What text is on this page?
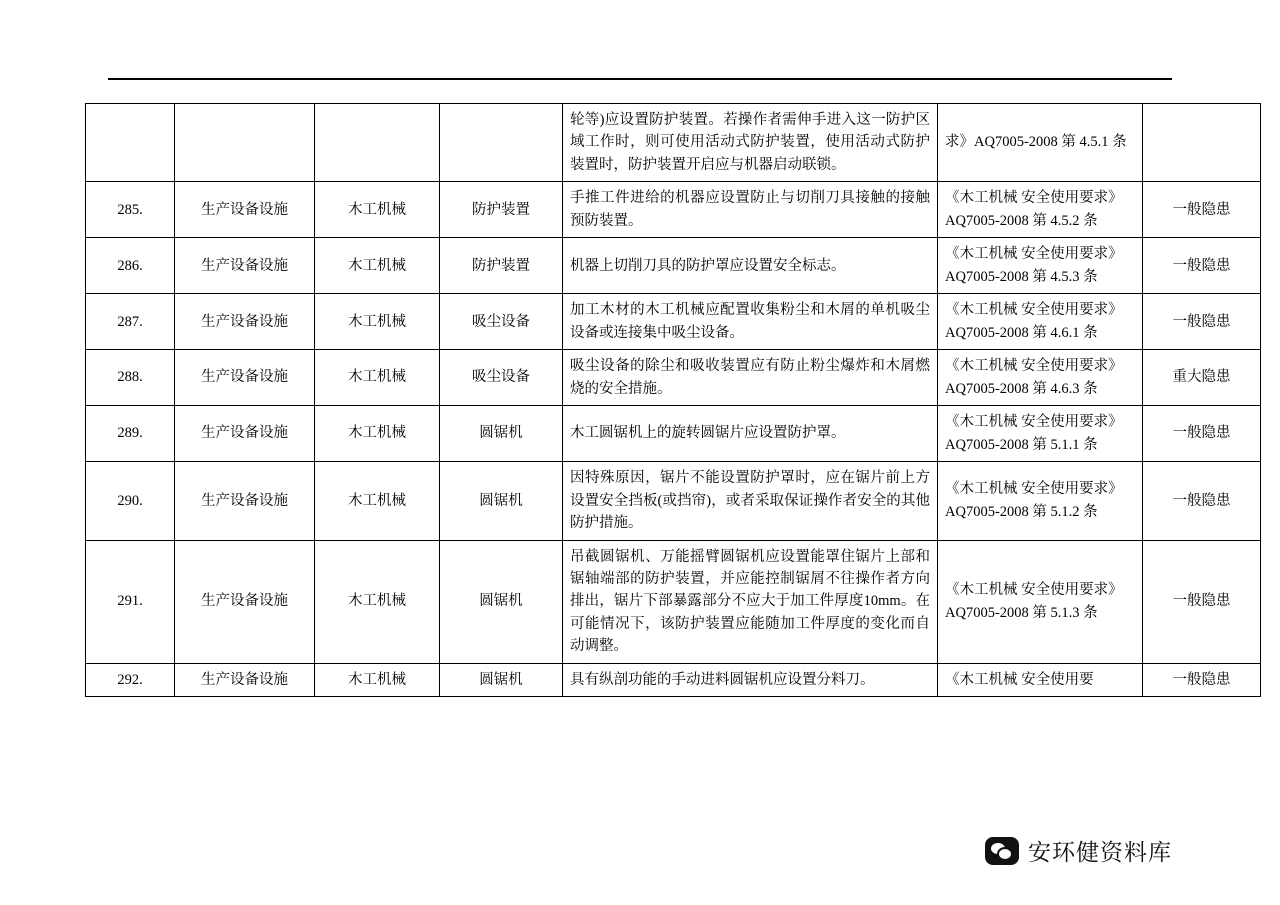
				轮等)应设置防护装置。若操作者需伸手进入这一防护区域工作时，则可使用活动式防护装置，使用活动式防护装置时，防护装置开启应与机器启动联锁。	求》AQ7005-2008 第 4.5.1 条	
285.	生产设备设施	木工机械	防护装置	手推工件进给的机器应设置防止与切削刀具接触的接触预防装置。	《木工机械 安全使用要求》AQ7005-2008 第 4.5.2 条	一般隐患
286.	生产设备设施	木工机械	防护装置	机器上切削刀具的防护罩应设置安全标志。	《木工机械 安全使用要求》AQ7005-2008 第 4.5.3 条	一般隐患
287.	生产设备设施	木工机械	吸尘设备	加工木材的木工机械应配置收集粉尘和木屑的单机吸尘设备或连接集中吸尘设备。	《木工机械 安全使用要求》AQ7005-2008 第 4.6.1 条	一般隐患
288.	生产设备设施	木工机械	吸尘设备	吸尘设备的除尘和吸收装置应有防止粉尘爆炸和木屑燃烧的安全措施。	《木工机械 安全使用要求》AQ7005-2008 第 4.6.3 条	重大隐患
289.	生产设备设施	木工机械	圆锯机	木工圆锯机上的旋转圆锯片应设置防护罩。	《木工机械 安全使用要求》AQ7005-2008 第 5.1.1 条	一般隐患
290.	生产设备设施	木工机械	圆锯机	因特殊原因，锯片不能设置防护罩时，应在锯片前上方设置安全挡板(或挡帘)，或者采取保证操作者安全的其他防护措施。	《木工机械 安全使用要求》AQ7005-2008 第 5.1.2 条	一般隐患
291.	生产设备设施	木工机械	圆锯机	吊截圆锯机、万能摇臂圆锯机应设置能罩住锯片上部和锯轴端部的防护装置，并应能控制锯屑不往操作者方向排出，锯片下部暴露部分不应大于加工件厚度10mm。在可能情况下，该防护装置应能随加工件厚度的变化而自动调整。	《木工机械 安全使用要求》AQ7005-2008 第 5.1.3 条	一般隐患
292.	生产设备设施	木工机械	圆锯机	具有纵剖功能的手动进料圆锯机应设置分料刀。	《木工机械 安全使用要	一般隐患
安环健资料库
